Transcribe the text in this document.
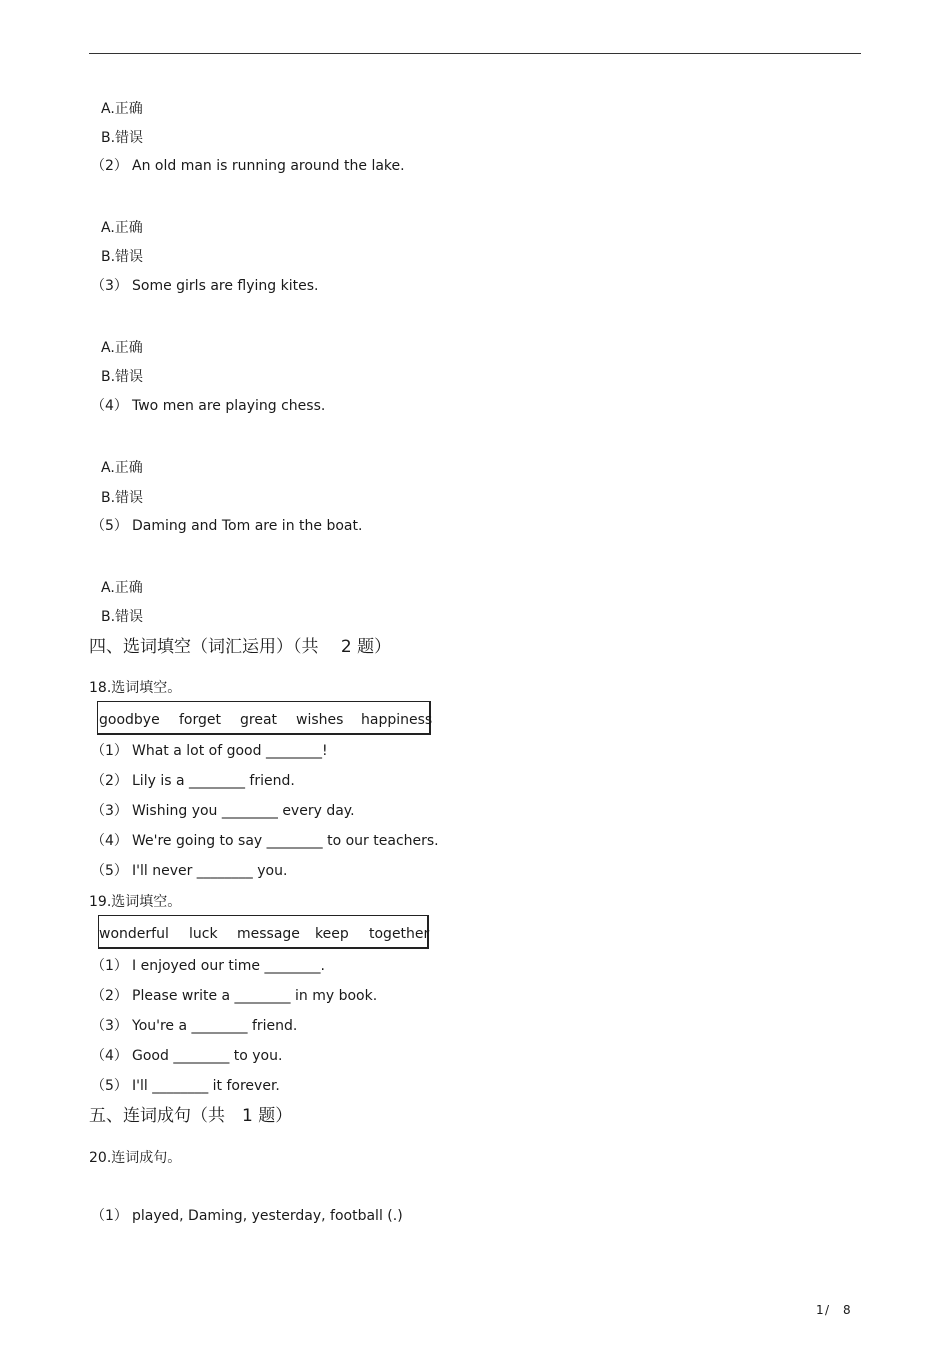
A.正确
B.错误
（2） An old man is running around the lake.
A.正确
B.错误
（3） Some girls are flying kites.
A.正确
B.错误
（4） Two men are playing chess.
A.正确
B.错误
（5） Daming and Tom are in the boat.
A.正确
B.错误
四、选词填空（词汇运用）（共　 2 题）
18.选词填空。
goodbye forget great wishes happiness
（1） What a lot of good ________!
（2） Lily is a ________ friend.
（3） Wishing you ________ every day.
（4） We're going to say ________ to our teachers.
（5） I'll never ________ you.
19.选词填空。
wonderful luck message keep together
（1） I enjoyed our time ________.
（2） Please write a ________ in my book.
（3） You're a ________ friend.
（4） Good ________ to you.
（5） I'll ________ it forever.
五、连词成句（共　1 题）
20.连词成句。
（1） played, Daming, yesterday, football (.)
1 / 8
